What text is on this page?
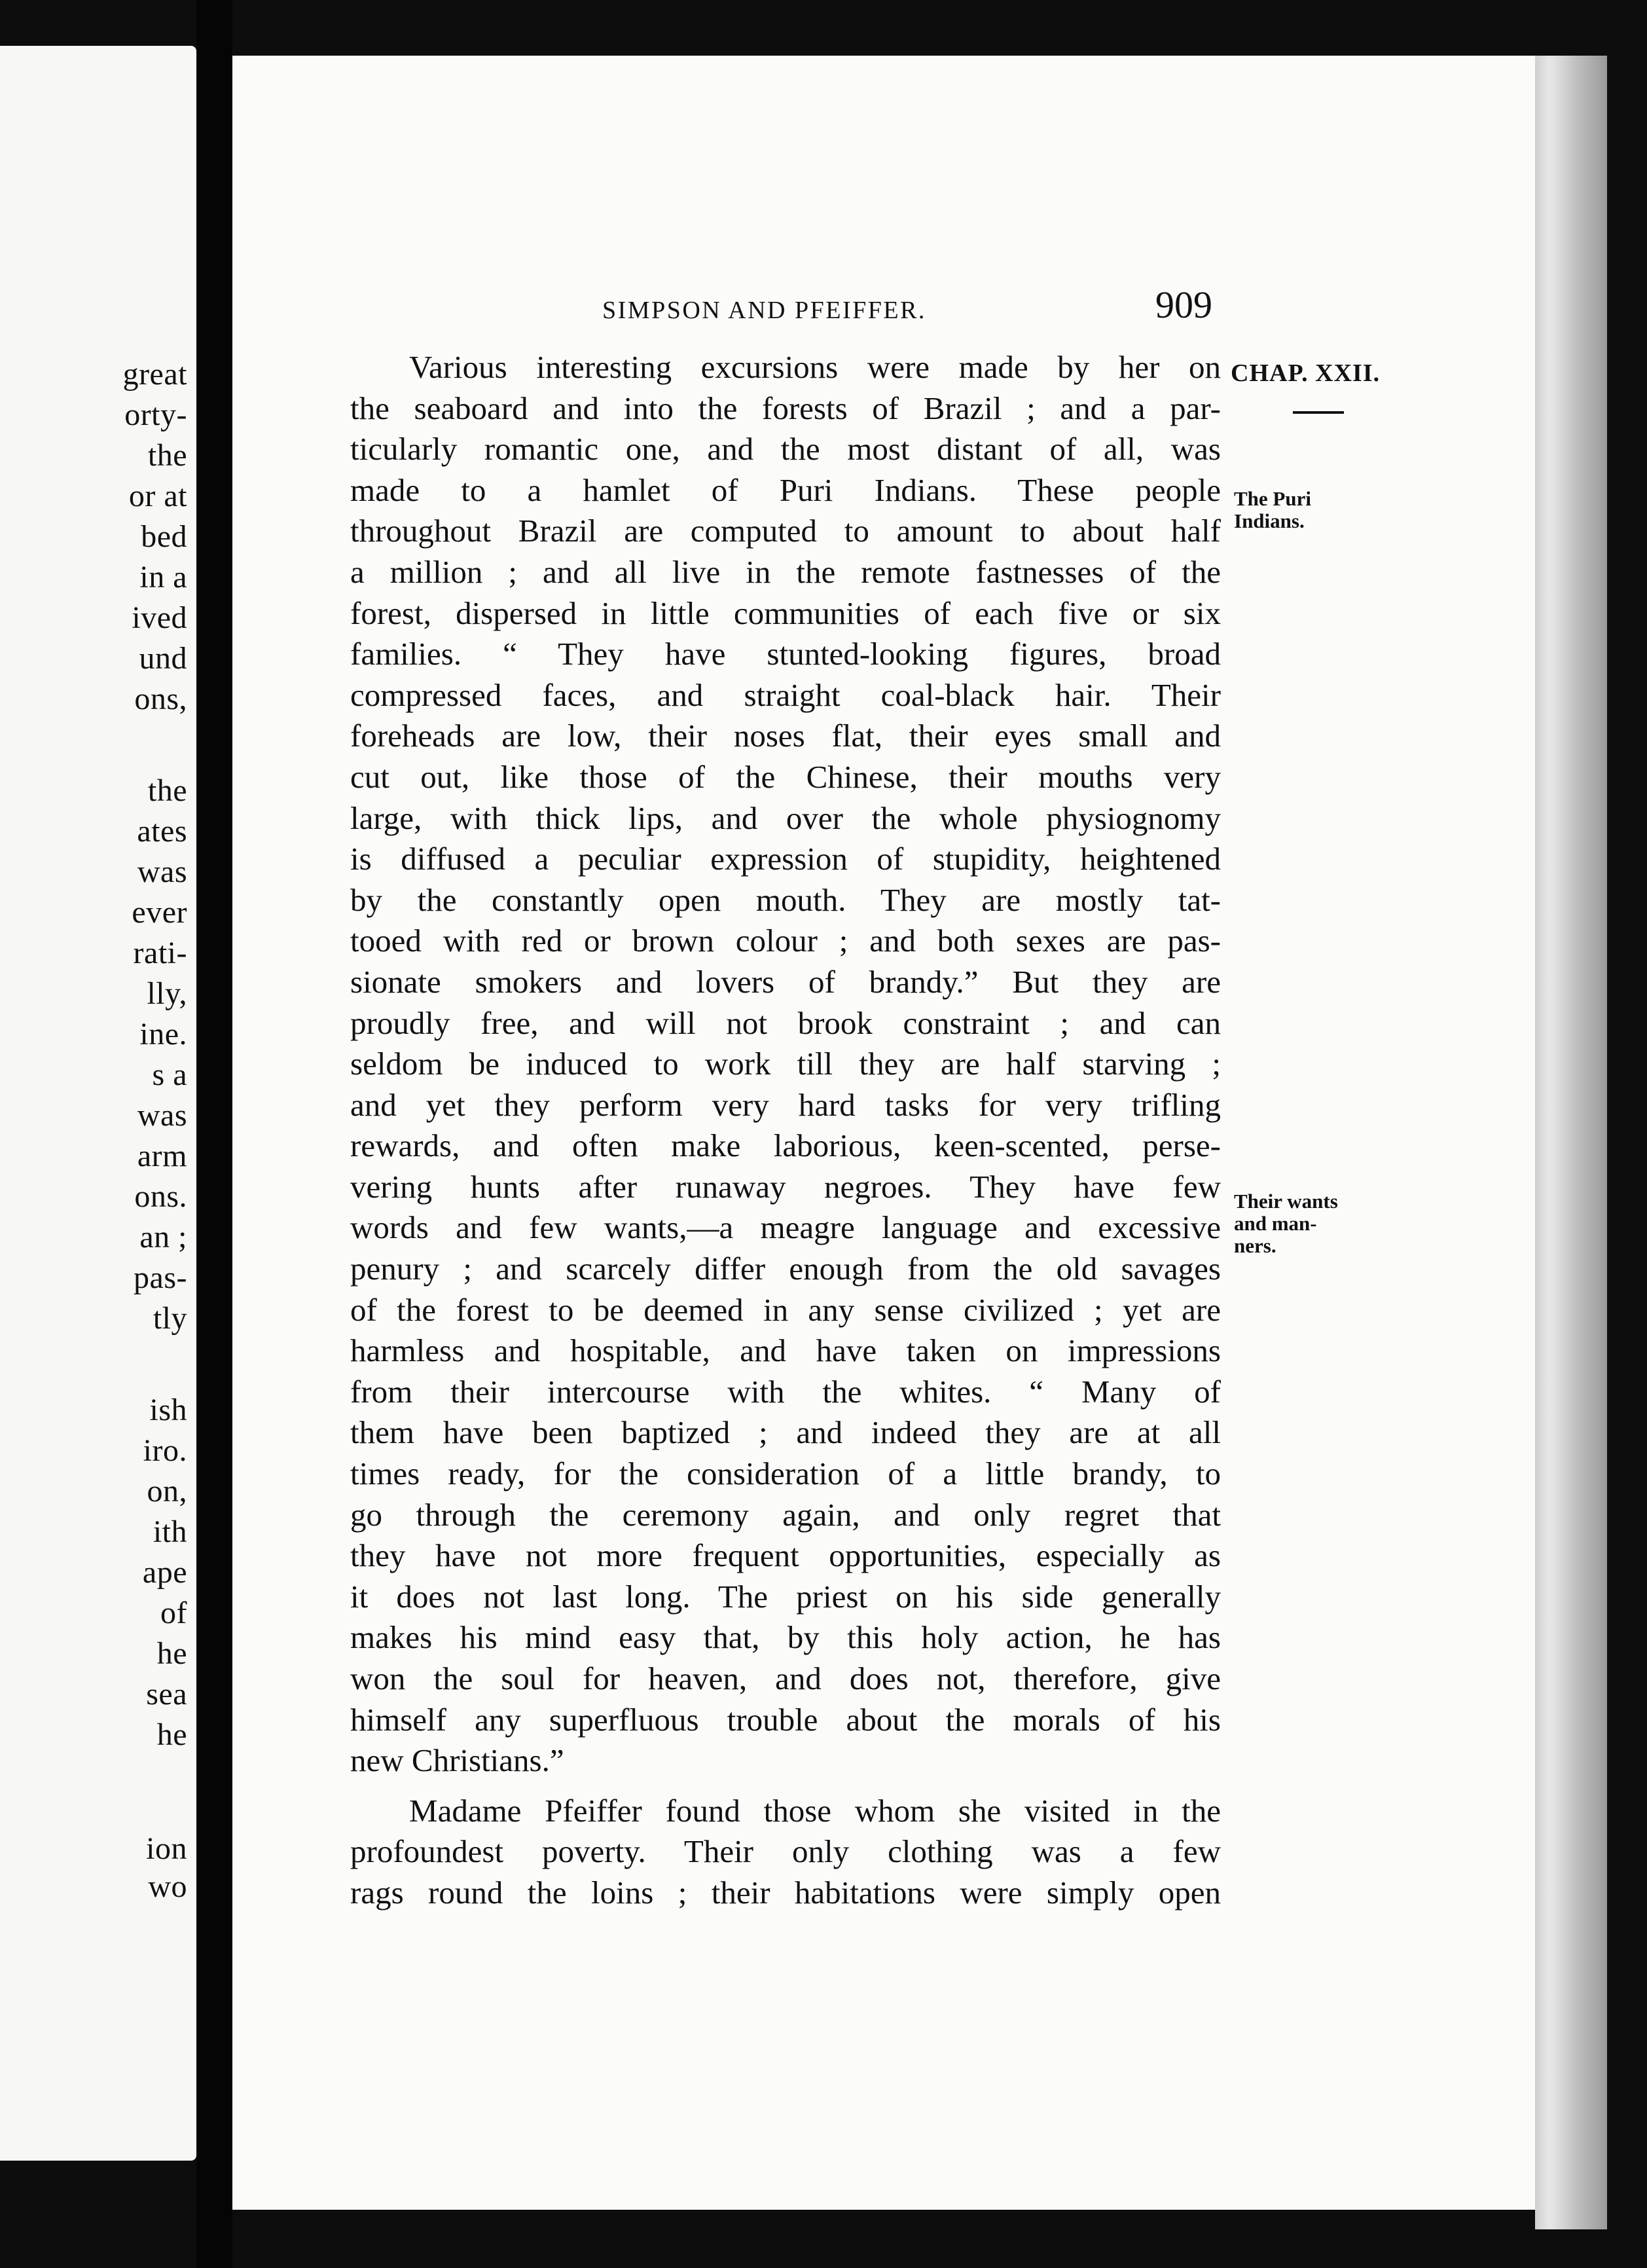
great
orty-
the
or at
bed
in a
ived
und
ons,
the
ates
was
ever
rati-
lly,
ine.
s a
was
arm
ons.
an ;
pas-
tly
ish
iro.
on,
ith
ape
of
he
sea
he
ion
wo
SIMPSON AND PFEIFFER.	909
CHAP. XXII.
Various interesting excursions were made by her on
the seaboard and into the forests of Brazil ; and a par-
ticularly romantic one, and the most distant of all, was
made to a hamlet of Puri Indians. These people
throughout Brazil are computed to amount to about half
a million ; and all live in the remote fastnesses of the
forest, dispersed in little communities of each five or six
families. “ They have stunted-looking figures, broad
compressed faces, and straight coal-black hair. Their
foreheads are low, their noses flat, their eyes small and
cut out, like those of the Chinese, their mouths very
large, with thick lips, and over the whole physiognomy
is diffused a peculiar expression of stupidity, heightened
by the constantly open mouth. They are mostly tat-
tooed with red or brown colour ; and both sexes are pas-
sionate smokers and lovers of brandy.” But they are
proudly free, and will not brook constraint ; and can
seldom be induced to work till they are half starving ;
and yet they perform very hard tasks for very trifling
rewards, and often make laborious, keen-scented, perse-
vering hunts after runaway negroes. They have few
words and few wants,—a meagre language and excessive
penury ; and scarcely differ enough from the old savages
of the forest to be deemed in any sense civilized ; yet are
harmless and hospitable, and have taken on impressions
from their intercourse with the whites. “ Many of
them have been baptized ; and indeed they are at all
times ready, for the consideration of a little brandy, to
go through the ceremony again, and only regret that
they have not more frequent opportunities, especially as
it does not last long. The priest on his side generally
makes his mind easy that, by this holy action, he has
won the soul for heaven, and does not, therefore, give
himself any superfluous trouble about the morals of his
new Christians.”
Madame Pfeiffer found those whom she visited in the
profoundest poverty. Their only clothing was a few
rags round the loins ; their habitations were simply open
The Puri
Indians.
Their wants
and man-
ners.
